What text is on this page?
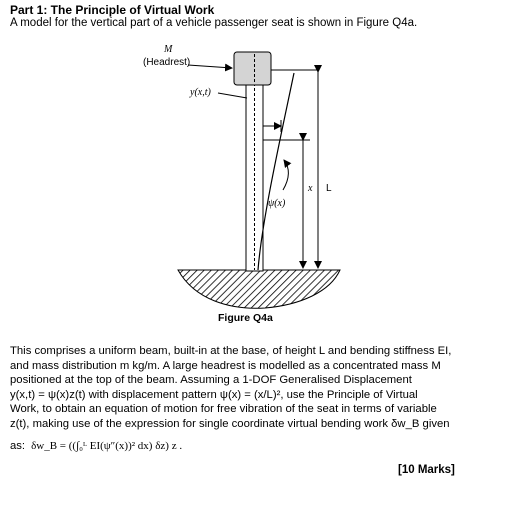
Part 1: The Principle of Virtual Work
A model for the vertical part of a vehicle passenger seat is shown in Figure Q4a.
M
(Headrest)
y(x,t)
ψ(x)
x L
Figure Q4a
This comprises a uniform beam, built-in at the base, of height L and bending stiffness EI,
and mass distribution m kg/m. A large headrest is modelled as a concentrated mass M
positioned at the top of the beam. Assuming a 1-DOF Generalised Displacement
y(x,t) = ψ(x)z(t) with displacement pattern ψ(x) = (x/L)², use the Principle of Virtual
Work, to obtain an equation of motion for free vibration of the seat in terms of variable
z(t), making use of the expression for single coordinate virtual bending work δw_B given
as: δw_B = ((∫₀ᴸ EI(ψ″(x))² dx) δz) z .
[10 Marks]
